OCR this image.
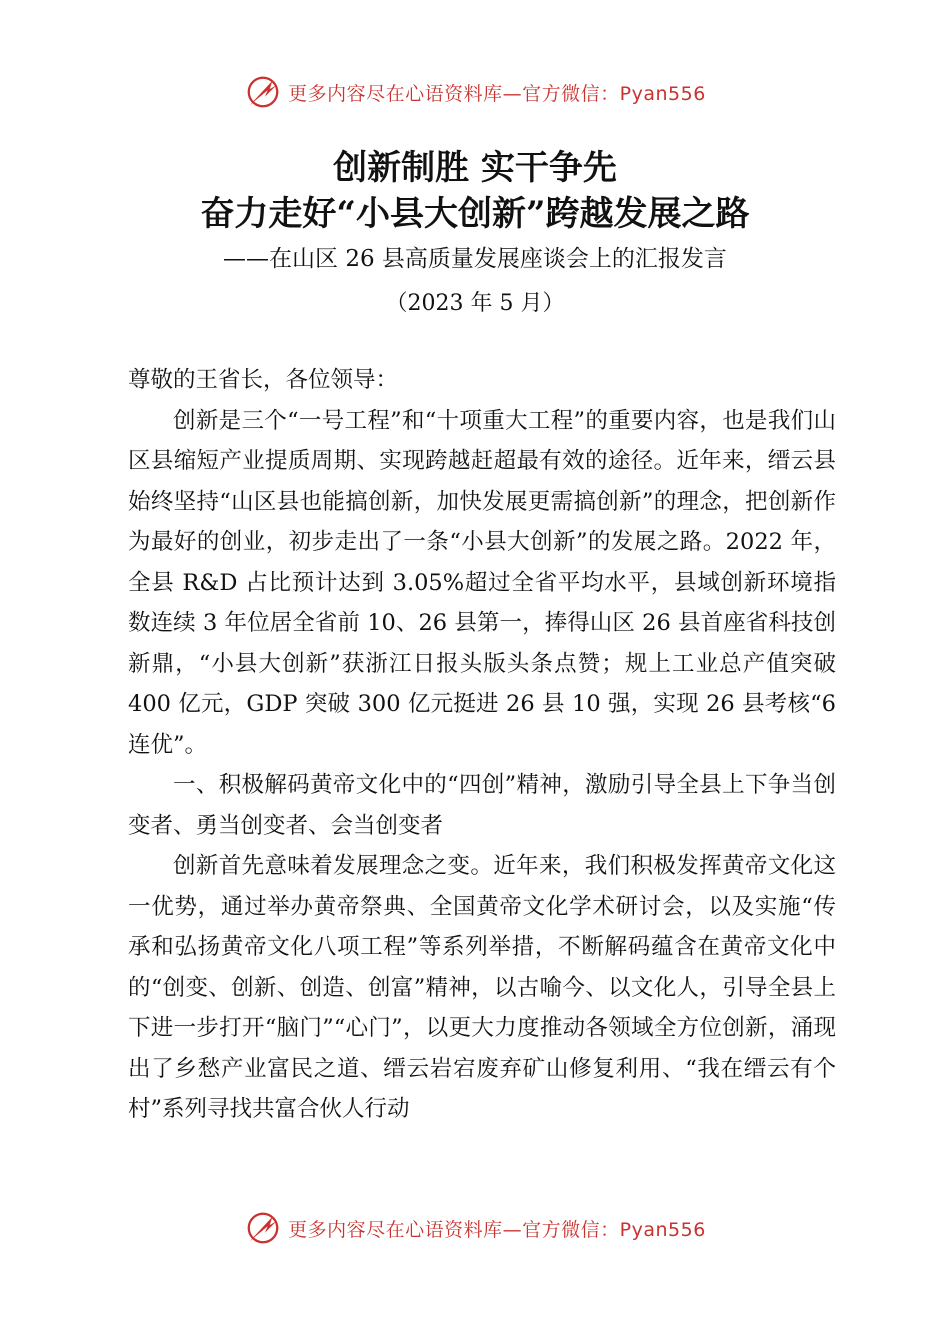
更多内容尽在心语资料库—官方微信：Pyan556
创新制胜 实干争先
奋力走好“小县大创新”跨越发展之路
——在山区 26 县高质量发展座谈会上的汇报发言
（2023 年 5 月）

尊敬的王省长，各位领导：

创新是三个“一号工程”和“十项重大工程”的重要内容，也是我们山区县缩短产业提质周期、实现跨越赶超最有效的途径。近年来，缙云县始终坚持“山区县也能搞创新，加快发展更需搞创新”的理念，把创新作为最好的创业，初步走出了一条“小县大创新”的发展之路。2022 年，全县 R&D 占比预计达到 3.05%超过全省平均水平，县域创新环境指数连续 3 年位居全省前 10、26 县第一，捧得山区 26 县首座省科技创新鼎，“小县大创新”获浙江日报头版头条点赞；规上工业总产值突破 400 亿元，GDP 突破 300 亿元挺进 26 县 10 强，实现 26 县考核“6 连优”。

一、积极解码黄帝文化中的“四创”精神，激励引导全县上下争当创变者、勇当创变者、会当创变者

创新首先意味着发展理念之变。近年来，我们积极发挥黄帝文化这一优势，通过举办黄帝祭典、全国黄帝文化学术研讨会，以及实施“传承和弘扬黄帝文化八项工程”等系列举措，不断解码蕴含在黄帝文化中的“创变、创新、创造、创富”精神，以古喻今、以文化人，引导全县上下进一步打开“脑门”“心门”，以更大力度推动各领域全方位创新，涌现出了乡愁产业富民之道、缙云岩宕废弃矿山修复利用、“我在缙云有个村”系列寻找共富合伙人行动

更多内容尽在心语资料库—官方微信：Pyan556
